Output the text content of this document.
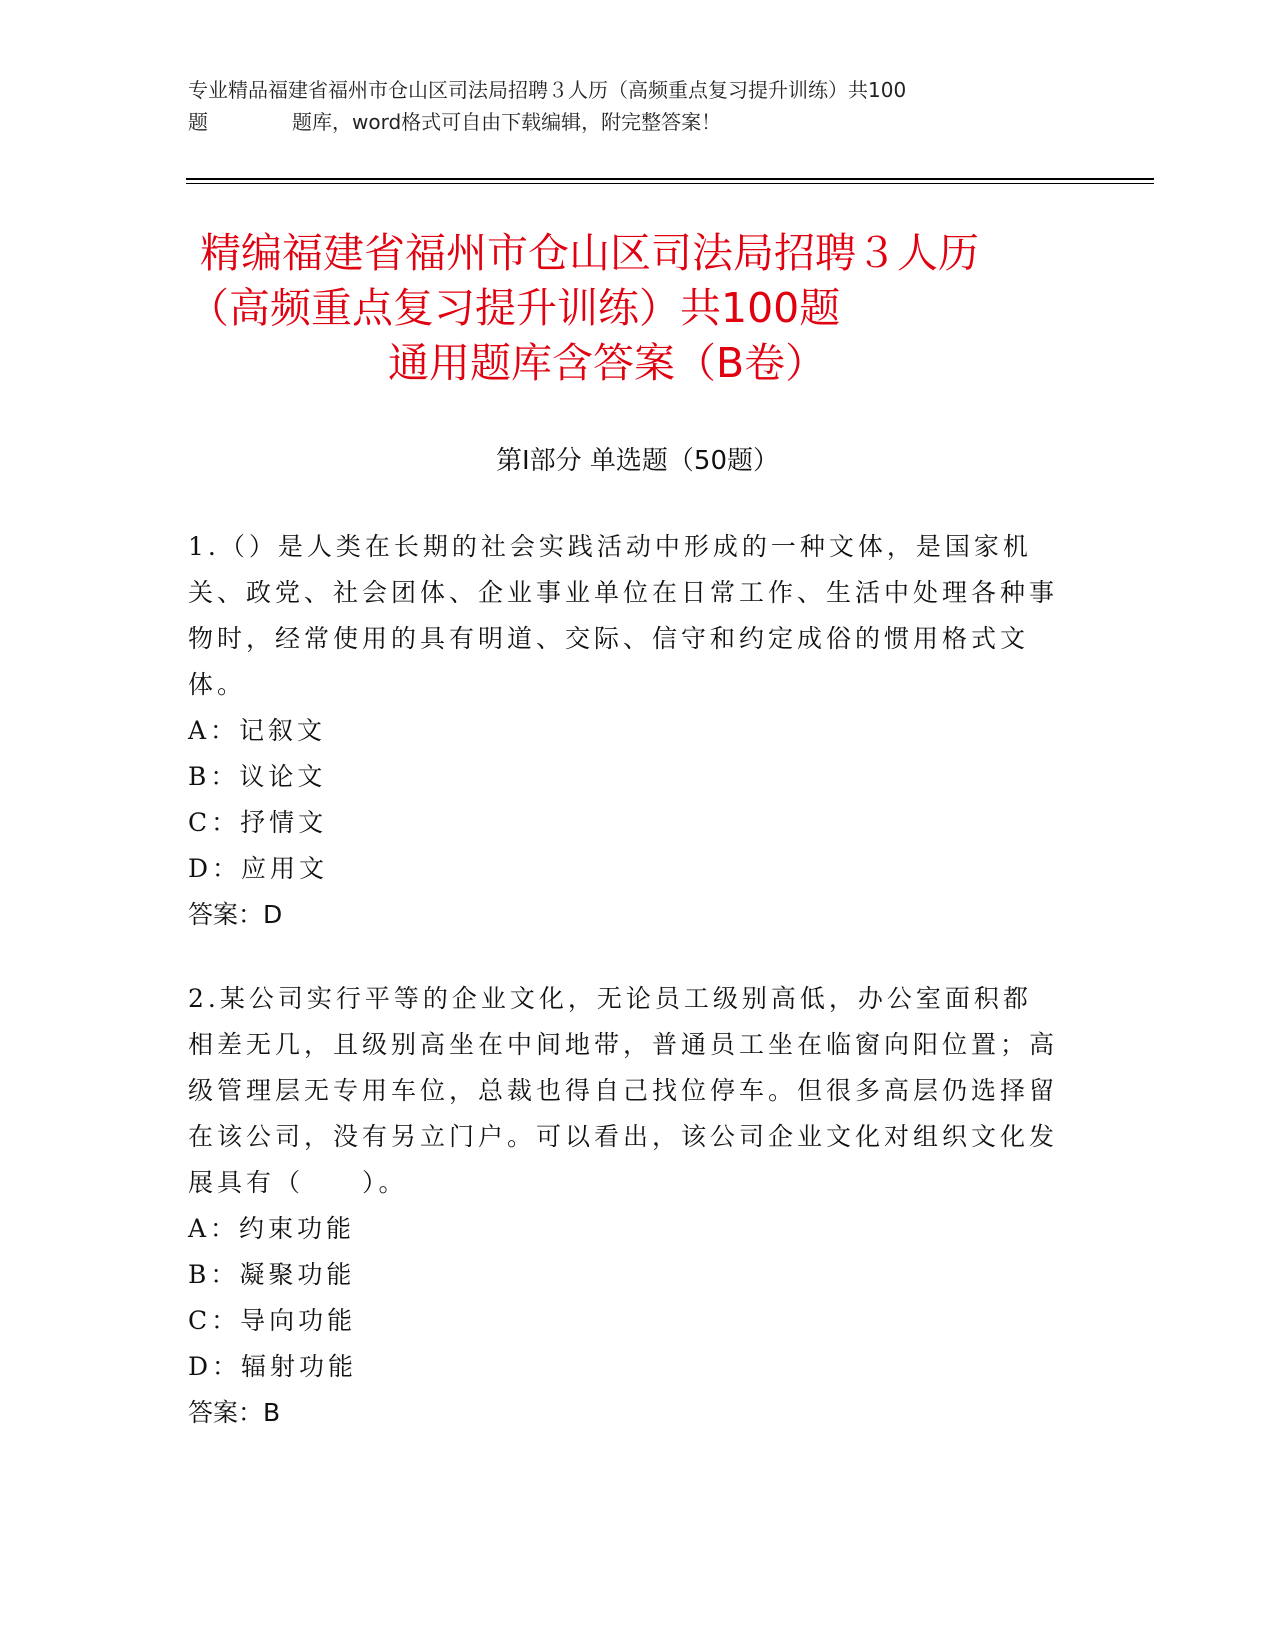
专业精品福建省福州市仓山区司法局招聘３人历（高频重点复习提升训练）共100
题	题库，word格式可自由下载编辑，附完整答案！
精编福建省福州市仓山区司法局招聘３人历
（高频重点复习提升训练）共100题
通用题库含答案（B卷）
第Ⅰ部分 单选题（50题）

1.（）是人类在长期的社会实践活动中形成的一种文体，是国家机关、政党、社会团体、企业事业单位在日常工作、生活中处理各种事物时，经常使用的具有明道、交际、信守和约定成俗的惯用格式文体。

A：记叙文

B：议论文

C：抒情文

D：应用文

答案：D

2.某公司实行平等的企业文化，无论员工级别高低，办公室面积都相差无几，且级别高坐在中间地带，普通员工坐在临窗向阳位置；高级管理层无专用车位，总裁也得自己找位停车。但很多高层仍选择留在该公司，没有另立门户。可以看出，该公司企业文化对组织文化发展具有（　　）。

A：约束功能

B：凝聚功能

C：导向功能

D：辐射功能

答案：B
